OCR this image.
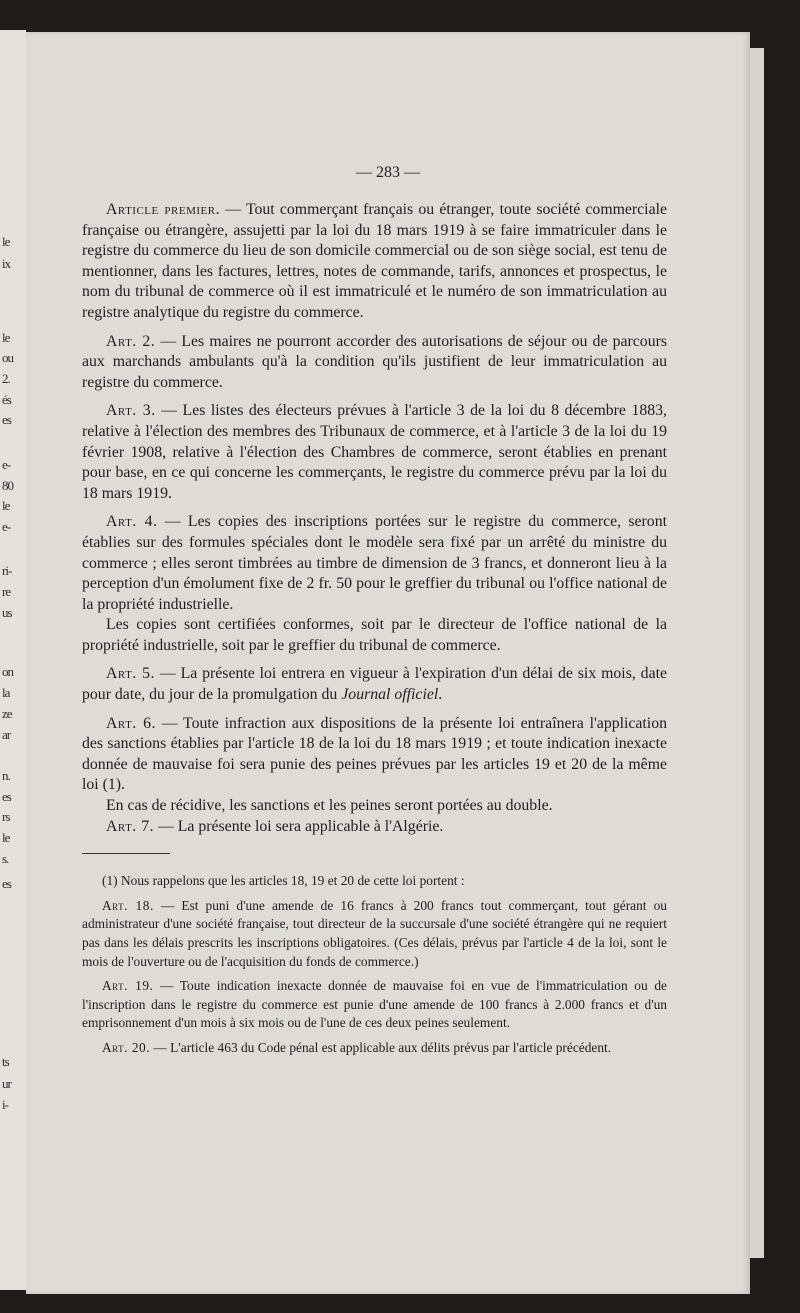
le
ix
le
ou
2.
és
es
e-
80
le
e-
ri-
re
us
on
la
ze
ar
n.
es
rs
le
s.
es
ts
ur
i-
— 283 —

Article premier. — Tout commerçant français ou étranger, toute société commerciale française ou étrangère, assujetti par la loi du 18 mars 1919 à se faire immatriculer dans le registre du commerce du lieu de son domicile commercial ou de son siège social, est tenu de mentionner, dans les factures, lettres, notes de commande, tarifs, annonces et prospectus, le nom du tribunal de commerce où il est immatriculé et le numéro de son immatriculation au registre analytique du registre du commerce.

Art. 2. — Les maires ne pourront accorder des autorisations de séjour ou de parcours aux marchands ambulants qu'à la condition qu'ils justifient de leur immatriculation au registre du commerce.

Art. 3. — Les listes des électeurs prévues à l'article 3 de la loi du 8 décembre 1883, relative à l'élection des membres des Tribunaux de commerce, et à l'article 3 de la loi du 19 février 1908, relative à l'élection des Chambres de commerce, seront établies en prenant pour base, en ce qui concerne les commerçants, le registre du commerce prévu par la loi du 18 mars 1919.

Art. 4. — Les copies des inscriptions portées sur le registre du commerce, seront établies sur des formules spéciales dont le modèle sera fixé par un arrêté du ministre du commerce ; elles seront timbrées au timbre de dimension de 3 francs, et donneront lieu à la perception d'un émolument fixe de 2 fr. 50 pour le greffier du tribunal ou l'office national de la propriété industrielle.

Les copies sont certifiées conformes, soit par le directeur de l'office national de la propriété industrielle, soit par le greffier du tribunal de commerce.

Art. 5. — La présente loi entrera en vigueur à l'expiration d'un délai de six mois, date pour date, du jour de la promulgation du Journal officiel.

Art. 6. — Toute infraction aux dispositions de la présente loi entraînera l'application des sanctions établies par l'article 18 de la loi du 18 mars 1919 ; et toute indication inexacte donnée de mauvaise foi sera punie des peines prévues par les articles 19 et 20 de la même loi (1).

En cas de récidive, les sanctions et les peines seront portées au double.

Art. 7. — La présente loi sera applicable à l'Algérie.

(1) Nous rappelons que les articles 18, 19 et 20 de cette loi portent :

Art. 18. — Est puni d'une amende de 16 francs à 200 francs tout commerçant, tout gérant ou administrateur d'une société française, tout directeur de la succursale d'une société étrangère qui ne requiert pas dans les délais prescrits les inscriptions obligatoires. (Ces délais, prévus par l'article 4 de la loi, sont le mois de l'ouverture ou de l'acquisition du fonds de commerce.)

Art. 19. — Toute indication inexacte donnée de mauvaise foi en vue de l'immatriculation ou de l'inscription dans le registre du commerce est punie d'une amende de 100 francs à 2.000 francs et d'un emprisonnement d'un mois à six mois ou de l'une de ces deux peines seulement.

Art. 20. — L'article 463 du Code pénal est applicable aux délits prévus par l'article précédent.
